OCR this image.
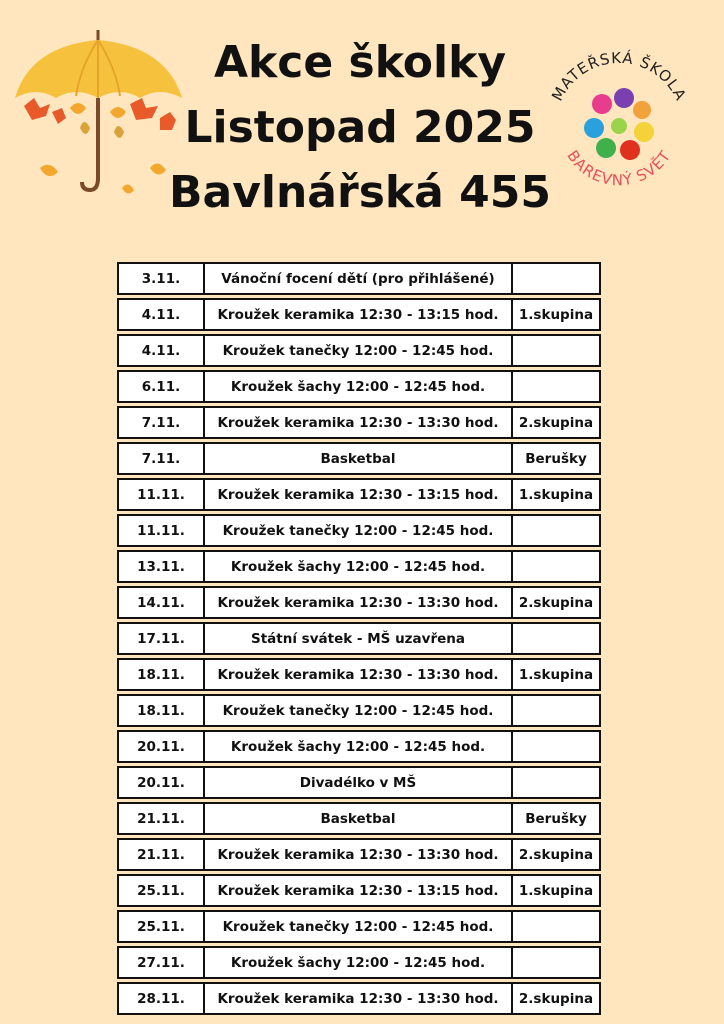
Akce školky
Listopad 2025
Bavlnářská 455
MATEŘSKÁ ŠKOLA
BAREVNÝ SVĚT
3.11.	Vánoční focení dětí (pro přihlášené)	
4.11.	Kroužek keramika 12:30 - 13:15 hod.	1.skupina
4.11.	Kroužek tanečky 12:00 - 12:45 hod.	
6.11.	Kroužek šachy 12:00 - 12:45 hod.	
7.11.	Kroužek keramika 12:30 - 13:30 hod.	2.skupina
7.11.	Basketbal	Berušky
11.11.	Kroužek keramika 12:30 - 13:15 hod.	1.skupina
11.11.	Kroužek tanečky 12:00 - 12:45 hod.	
13.11.	Kroužek šachy 12:00 - 12:45 hod.	
14.11.	Kroužek keramika 12:30 - 13:30 hod.	2.skupina
17.11.	Státní svátek - MŠ uzavřena	
18.11.	Kroužek keramika 12:30 - 13:30 hod.	1.skupina
18.11.	Kroužek tanečky 12:00 - 12:45 hod.	
20.11.	Kroužek šachy 12:00 - 12:45 hod.	
20.11.	Divadélko v MŠ	
21.11.	Basketbal	Berušky
21.11.	Kroužek keramika 12:30 - 13:30 hod.	2.skupina
25.11.	Kroužek keramika 12:30 - 13:15 hod.	1.skupina
25.11.	Kroužek tanečky 12:00 - 12:45 hod.	
27.11.	Kroužek šachy 12:00 - 12:45 hod.	
28.11.	Kroužek keramika 12:30 - 13:30 hod.	2.skupina
